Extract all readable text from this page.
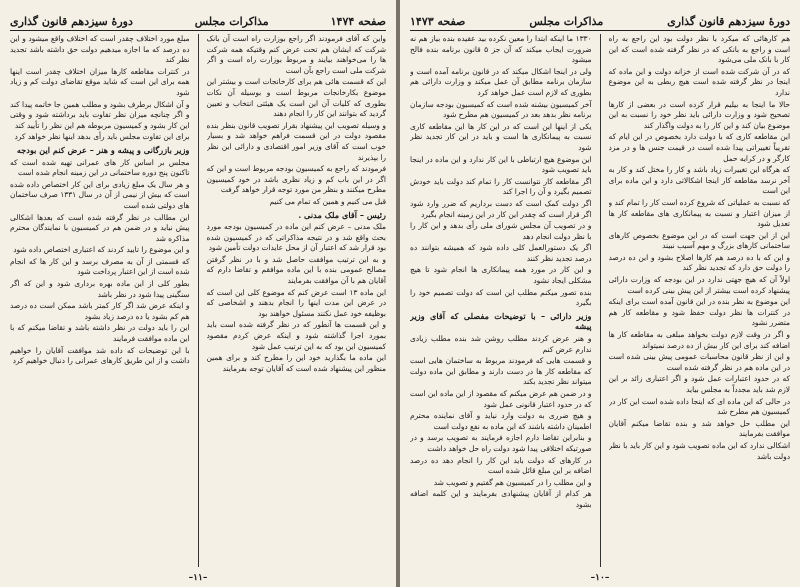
صفحه ۱۴۷۴
مذاکرات مجلس
دورهٔ سیزدهم قانون گذاری

واین که آقای فرمودند اگر راجع بوزارت راه است آن بانک شرکت که ایشان هم تحت عرض کنم وقتیکه همه شرکت ها را می‌خواهند بیایند و مربوط بوزارت راه است و اگر شرکت ملی است راجع بآن است

این که قسمت هائی هم برای کارخانجات است و بیشتر این موضوع بکارخانجات مربوط است و بوسیله آن نکات بطوری که کلیات آن این است یک هیئتی انتخاب و تعیین گردید که بتوانند این کار را انجام دهند

و وسیله تصویب این پیشنهاد بقرار تصویب قانون بنظر بنده مقصود دولت در این قسمت فراهم خواهد شد و بسیار خوب است که آقای وزیر امور اقتصادی و دارائی این نظر را بپذیرند

فرمودند که راجع به کمیسیون بودجه مربوط است و این که اگر در این باب کم و زیاد نظری باشد در خود کمیسیون مطرح میکنند و بنظر من مورد توجه قرار خواهد گرفت

قبل می کنیم و همین که تمام می کنیم

رئیس – آقای ملک مدنی .

ملک مدنی – عرض کنم این ماده در کمیسیون بودجه مورد بحث واقع شد و در نتیجه مذاکراتی که در کمیسیون شده بود قرار شد که اعتبار آن از محل عایدات دولت تأمین شود

و به این ترتیب موافقت حاصل شد و با در نظر گرفتن مصالح عمومی بنده با این ماده موافقم و تقاضا دارم که آقایان هم با آن موافقت بفرمایند

این ماده ۱۳ است عرض کنم که موضوع کلی این است که در عرض این مدت اینها را انجام بدهند و اشخاصی که بوظیفه خود عمل نکنند مسئول خواهند بود

و این قسمت ها آنطور که در نظر گرفته شده است باید بمورد اجرا گذاشته شود و اینکه عرض کردم مقصود کمیسیون این بود که به این ترتیب عمل شود

این ماده ما بگذارید خود این را مطرح کند و برای همین منظور این پیشنهاد شده است که آقایان توجه بفرمایند

مبلغ مورد اختلاف چقدر است که اختلاف واقع میشود و این ده درصد که ما اجازه میدهیم دولت حق داشته باشد تجدید نظر کند

در کنترات مقاطعه کارها میزان اختلاف چقدر است اینها همه برای این است که شاید موقع تقاضای دولت کم و زیاد شود

و آن اشکال برطرف بشود و مطلب همین جا خاتمه پیدا کند و اگر چنانچه میزان نظر تفاوت باید برداشته شود و وقتی این کار بشود و کمیسیون مربوطه هم این نظر را تأیید کند

برای این تفاوت مجلس باید رأی بدهد اینها نظر خواهد کرد

وزیر بازرگانی و پیشه و هنر – عرض کنم این بودجه

مجلس بر اساس کار های عمرانی تهیه شده است که تاکنون پنج دوره ساختمانی در این زمینه انجام شده است

و هر سال یک مبلغ زیادی برای این کار اختصاص داده شده است که بیش از نیمی از آن در سال ۱۳۳۱ صرف ساختمان های دولتی شده است

این مطالب در نظر گرفته شده است که بعدها اشکالی پیش نیاید و در ضمن هم در کمیسیون با نمایندگان محترم مذاکره شد

و این موضوع را تایید کردند که اعتباری اختصاص داده شود

که قسمتی از آن به مصرف برسد و این کار ها که انجام شده است از این اعتبار پرداخت شود

بطور کلی از این ماده بهره برداری شود و این که اگر سنگینی پیدا شود در نظر باشد

و اینکه عرض شد اگر کار کمتر باشد ممکن است ده درصد هم کم بشود یا ده درصد زیاد بشود

این را باید دولت در نظر داشته باشد و تقاضا میکنم که با این ماده موافقت فرمایند

با این توضیحات که داده شد موافقت آقایان را خواهیم داشت و از این طریق کارهای عمرانی را دنبال خواهیم کرد

–۱۱–
دورهٔ سیزدهم قانون گذاری
مذاکرات مجلس
صفحه ۱۴۷۳

هم کارهائی که میکرد با نظر دولت بود این راجع به راه است و راجع به بانکی که در نظر گرفته شده است که این کار با بانک ملی می‌شود

که در آن شرکت شده است از خزانه دولت و این ماده که اینجا در نظر گرفته شده است هیچ ربطی به این موضوع ندارد

حالا ما اینجا به بیلیم قرار کرده است در بعضی از کارها تصحیح شود و وزارت دارائی باید نظر خود را نسبت به این موضوع بیان کند و این کار را به دولت واگذار کند

این مقاطعه کاری که با دولت دارد بخصوص در این ایام که تقریباً تغییراتی پیدا شده است در قیمت جنس ها و در مزد کارگر و در کرایه حمل

که هرگاه این تغییرات زیاد باشد و کار را مختل کند و کار به آخر نرسد مقاطعه کار اینجا اشکالاتی دارد و این ماده برای این است

که نسبت به عملیاتی که شروع کرده است کار را تمام کند و از میزان اعتبار و نسبت به پیمانکاری های مقاطعه کار ها تعدیل شود

این از این جهت است که در این موضوع بخصوص کارهای ساختمانی کارهای بزرگ و مهم آسیب نبیند

و این که با ده درصد هم کارها اصلاح بشود و این ده درصد را دولت حق دارد که تجدید نظر کند

اولاً آن که هیچ جهتی ندارد در این بودجه که وزارت دارائی پیشنهاد کرده است بیشتر از این پیش بینی کرده است

این موضوع به نظر بنده در این قانون آمده است برای اینکه در کنترات ها نظر دولت حفظ شود و مقاطعه کار هم متضرر نشود

و اگر در وقت لازم دولت بخواهد مبلغی به مقاطعه کار ها اضافه کند برای این کار بیش از ده درصد نمیتواند

و این از نظر قانون محاسبات عمومی پیش بینی شده است در این ماده هم در نظر گرفته شده است

که در حدود اعتبارات عمل شود و اگر اعتباری زائد بر این لازم شد باید مجدداً به مجلس بیاید

در حالی که این ماده ای که اینجا داده شده است این کار در کمیسیون هم مطرح شد

این مطلب حل خواهد شد و بنده تقاضا میکنم آقایان موافقت بفرمایند

اشکالی ندارد که این ماده تصویب شود و این کار باید با نظر دولت باشد

۱۳۳۰ ما اینکه ابتدا را معین نکرده بید عقیده بنده بیاز هم نه ضرورت ایجاب میکند که آن جز ۵ قانون برنامه بنده فالح میشود

ولی در اینجا اشکال میکند که در قانون برنامه آمده است و سازمان برنامه مطابق آن عمل میکند و وزارت دارائی هم بطوری که لازم است عمل خواهد کرد

آخر کمیسیون بیشنه شده است که کمیسیون بودجه سازمان برنامه نظر بدهد بعد در کمیسیون هم مطرح شود

یکی از اینها این است که در این کار ها این مقاطعه کاری نسبت به پیمانکاری ها است و باید در این کار تجدید نظر شود

این موضوع هیچ ارتباطی با این کار ندارد و این ماده در اینجا باید تصویب شود

اگر مقاطعه کار نتوانست کار را تمام کند دولت باید خودش تصمیم بگیرد و آن را اجرا کند

اگر دولت کمک است که دست برداریم که ضرر وارد شود اگر قرار است که چقدر این کار در این زمینه انجام بگیرد

و در تصویب آن مجلس شورای ملی رأی بدهد و این کار را با نظر دولت انجام دهد

اگر یک دستورالعمل کلی داده شود که همیشه بتوانند ده درصد تجدید نظر کنند

و این کار در مورد همه پیمانکاری ها انجام شود تا هیچ مشکلی ایجاد نشود

بنده تصور میکنم مطلب این است که دولت تصمیم خود را بگیرد

وزیر دارائی – با توضیحات مفصلی که آقای وزیر پیشه

و هنر عرض کردند مطلب روشن شد بنده مطلب زیادی ندارم عرض کنم

و قسمت هایی که فرمودند مربوط به ساختمان هایی است که مقاطعه کار ها در دست دارند و مطابق این ماده دولت میتواند نظر تجدید بکند

و در ضمن هم عرض میکنم که مقصود از این ماده این است که در حدود اعتبار قانونی عمل شود

و هیچ ضرری به دولت وارد نیاید و آقای نماینده محترم اطمینان داشته باشند که این ماده به نفع دولت است

و بنابراین تقاضا دارم اجازه فرمایند به تصویب برسد و در صورتیکه اختلافی پیدا شود دولت راه حل خواهد داشت

در کارهای که دولت باید این کار را انجام دهد ده درصد اضافه بر این مبلغ قائل شده است

و این مطلب را در کمیسیون هم گفتیم و تصویب شد

هر کدام از آقایان پیشنهادی بفرمایند و این کلمه اضافه بشود

–۱۰–
